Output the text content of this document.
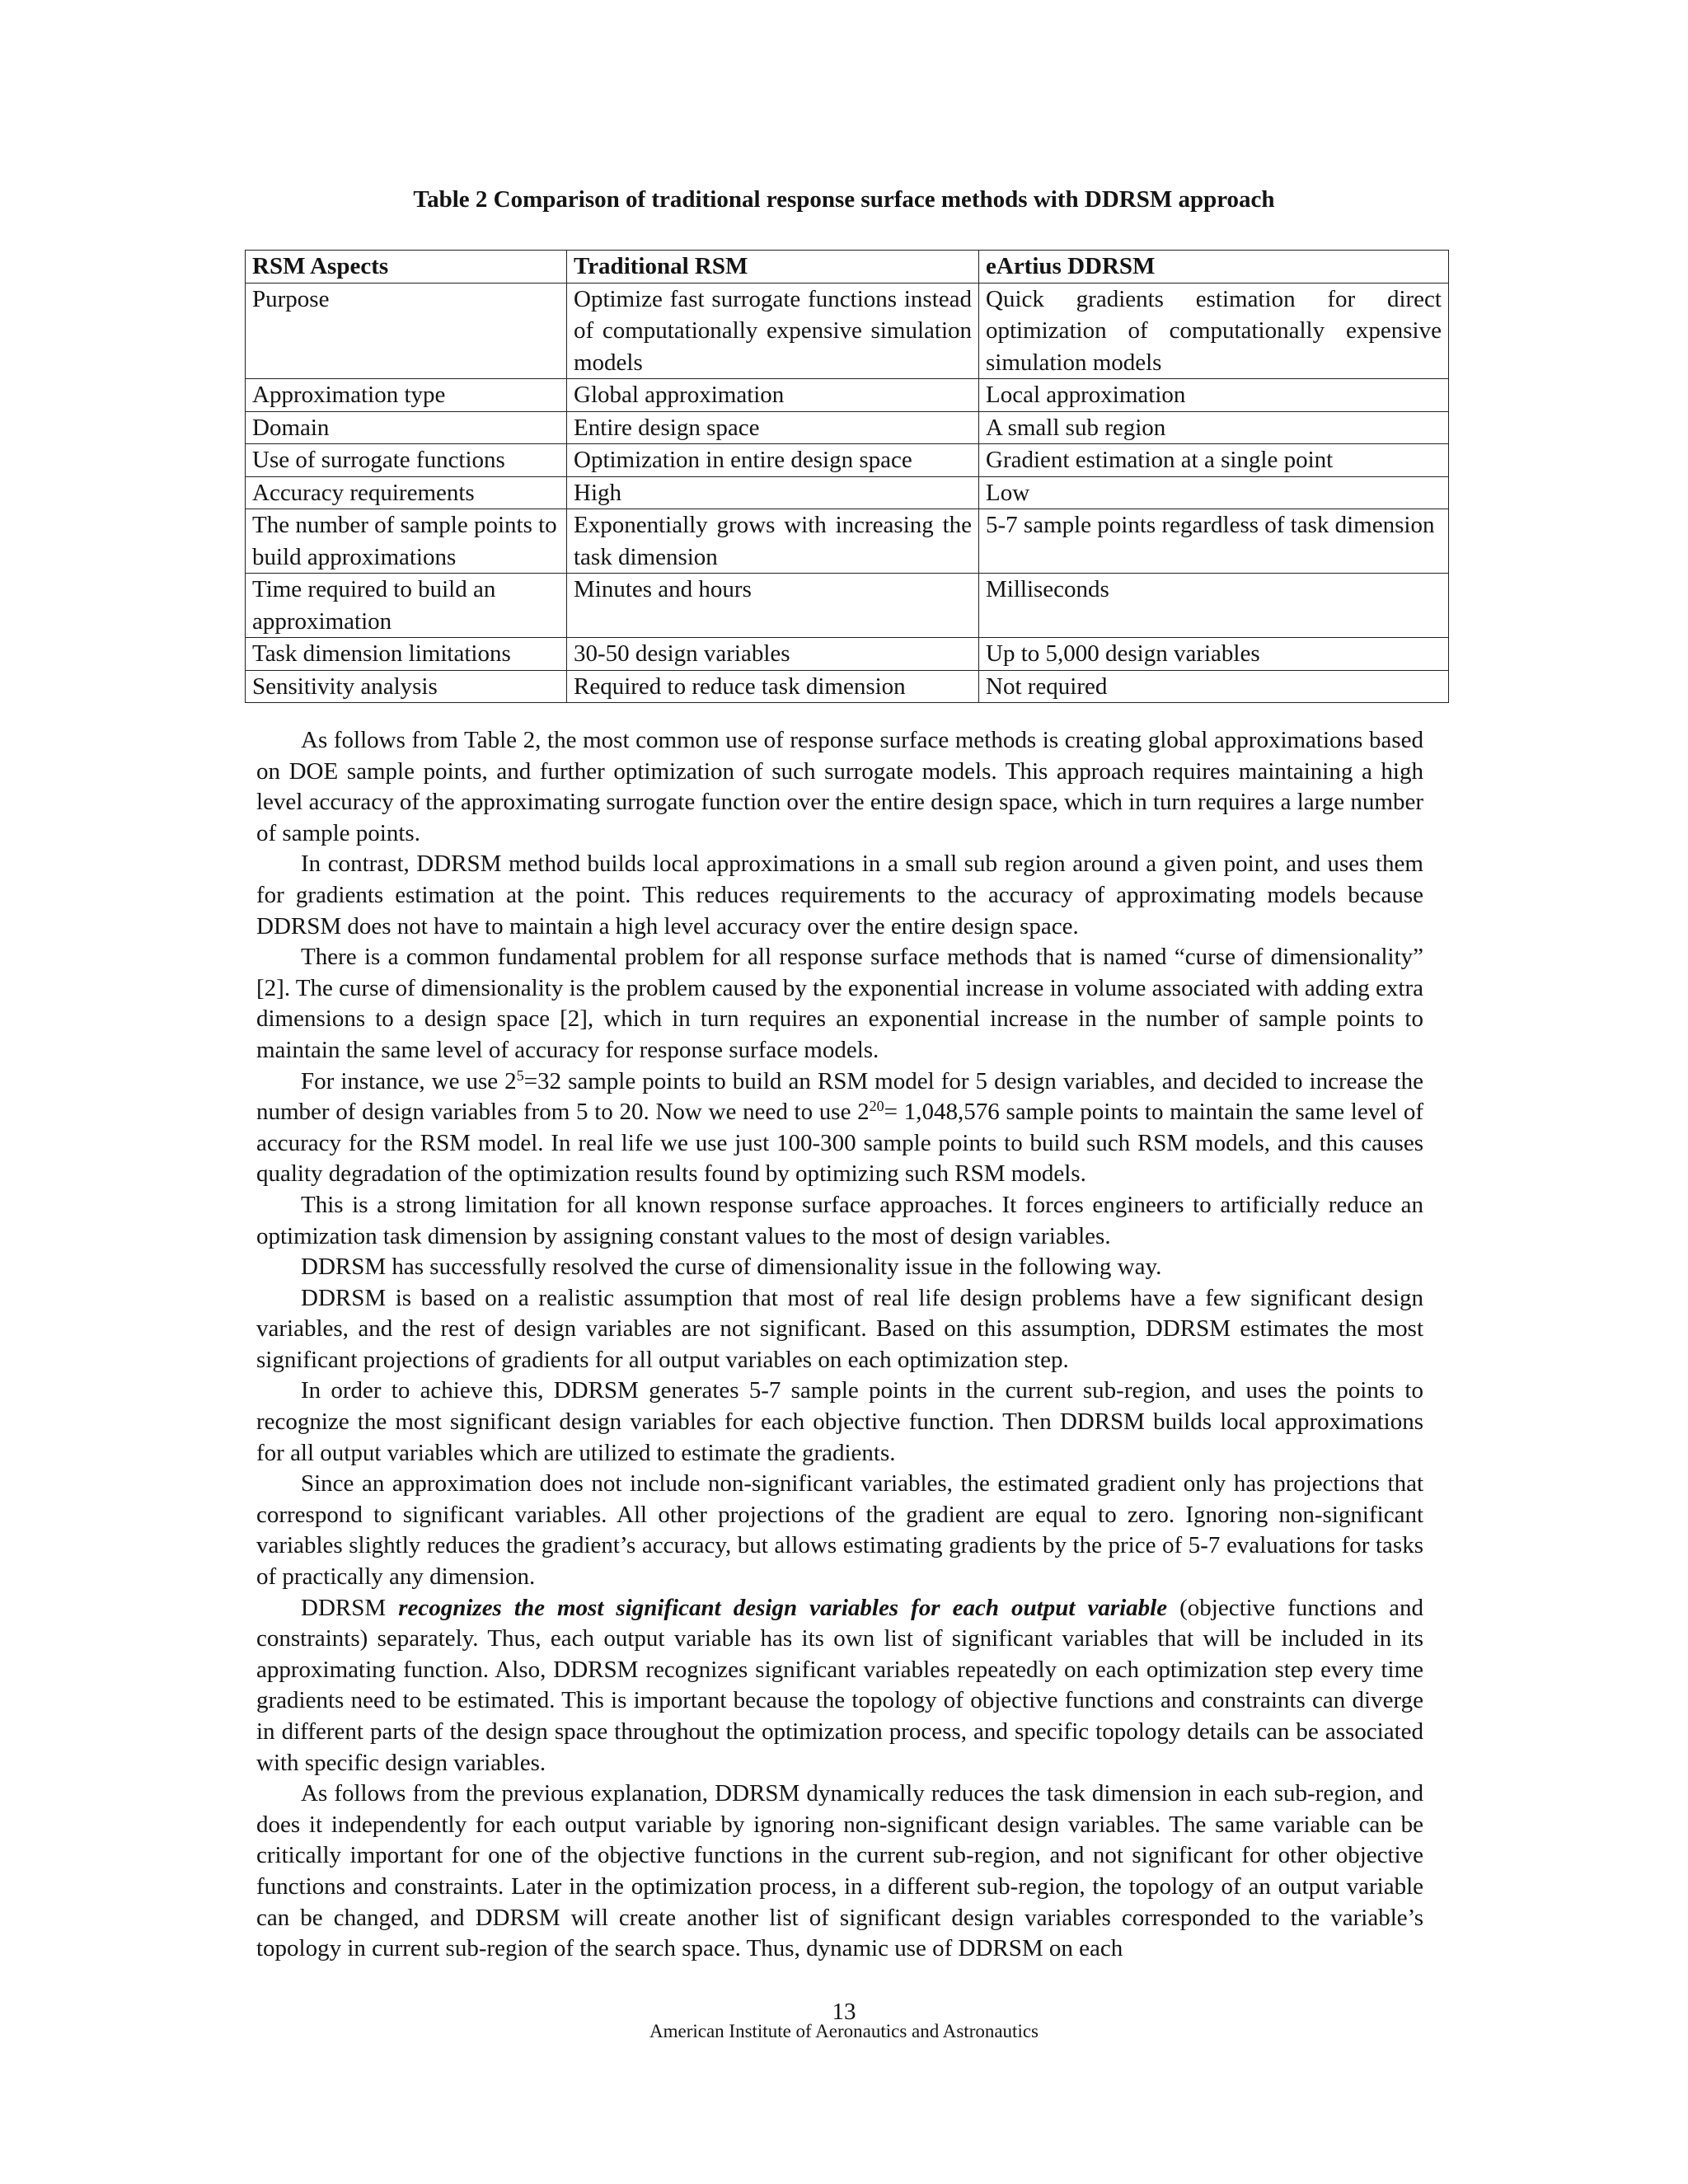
Table 2 Comparison of traditional response surface methods with DDRSM approach
RSM Aspects	Traditional RSM	eArtius DDRSM
Purpose	Optimize fast surrogate functions instead of computationally expensive simulation models	Quick gradients estimation for direct optimization of computationally expensive simulation models
Approximation type	Global approximation	Local approximation
Domain	Entire design space	A small sub region
Use of surrogate functions	Optimization in entire design space	Gradient estimation at a single point
Accuracy requirements	High	Low
The number of sample points to build approximations	Exponentially grows with increasing the task dimension	5-7 sample points regardless of task dimension
Time required to build an approximation	Minutes and hours	Milliseconds
Task dimension limitations	30-50 design variables	Up to 5,000 design variables
Sensitivity analysis	Required to reduce task dimension	Not required

As follows from Table 2, the most common use of response surface methods is creating global approximations based on DOE sample points, and further optimization of such surrogate models. This approach requires maintaining a high level accuracy of the approximating surrogate function over the entire design space, which in turn requires a large number of sample points.

In contrast, DDRSM method builds local approximations in a small sub region around a given point, and uses them for gradients estimation at the point. This reduces requirements to the accuracy of approximating models because DDRSM does not have to maintain a high level accuracy over the entire design space.

There is a common fundamental problem for all response surface methods that is named “curse of dimensionality” [2]. The curse of dimensionality is the problem caused by the exponential increase in volume associated with adding extra dimensions to a design space [2], which in turn requires an exponential increase in the number of sample points to maintain the same level of accuracy for response surface models.

For instance, we use $2^5=32$ sample points to build an RSM model for 5 design variables, and decided to increase the number of design variables from 5 to 20. Now we need to use $2^{20}= 1,048,576$ sample points to maintain the same level of accuracy for the RSM model. In real life we use just 100-300 sample points to build such RSM models, and this causes quality degradation of the optimization results found by optimizing such RSM models.

This is a strong limitation for all known response surface approaches. It forces engineers to artificially reduce an optimization task dimension by assigning constant values to the most of design variables.

DDRSM has successfully resolved the curse of dimensionality issue in the following way.

DDRSM is based on a realistic assumption that most of real life design problems have a few significant design variables, and the rest of design variables are not significant. Based on this assumption, DDRSM estimates the most significant projections of gradients for all output variables on each optimization step.

In order to achieve this, DDRSM generates 5-7 sample points in the current sub-region, and uses the points to recognize the most significant design variables for each objective function. Then DDRSM builds local approximations for all output variables which are utilized to estimate the gradients.

Since an approximation does not include non-significant variables, the estimated gradient only has projections that correspond to significant variables. All other projections of the gradient are equal to zero. Ignoring non-significant variables slightly reduces the gradient’s accuracy, but allows estimating gradients by the price of 5-7 evaluations for tasks of practically any dimension.

DDRSM recognizes the most significant design variables for each output variable (objective functions and constraints) separately. Thus, each output variable has its own list of significant variables that will be included in its approximating function. Also, DDRSM recognizes significant variables repeatedly on each optimization step every time gradients need to be estimated. This is important because the topology of objective functions and constraints can diverge in different parts of the design space throughout the optimization process, and specific topology details can be associated with specific design variables.

As follows from the previous explanation, DDRSM dynamically reduces the task dimension in each sub-region, and does it independently for each output variable by ignoring non-significant design variables. The same variable can be critically important for one of the objective functions in the current sub-region, and not significant for other objective functions and constraints. Later in the optimization process, in a different sub-region, the topology of an output variable can be changed, and DDRSM will create another list of significant design variables corresponded to the variable’s topology in current sub-region of the search space. Thus, dynamic use of DDRSM on each

13
American Institute of Aeronautics and Astronautics
